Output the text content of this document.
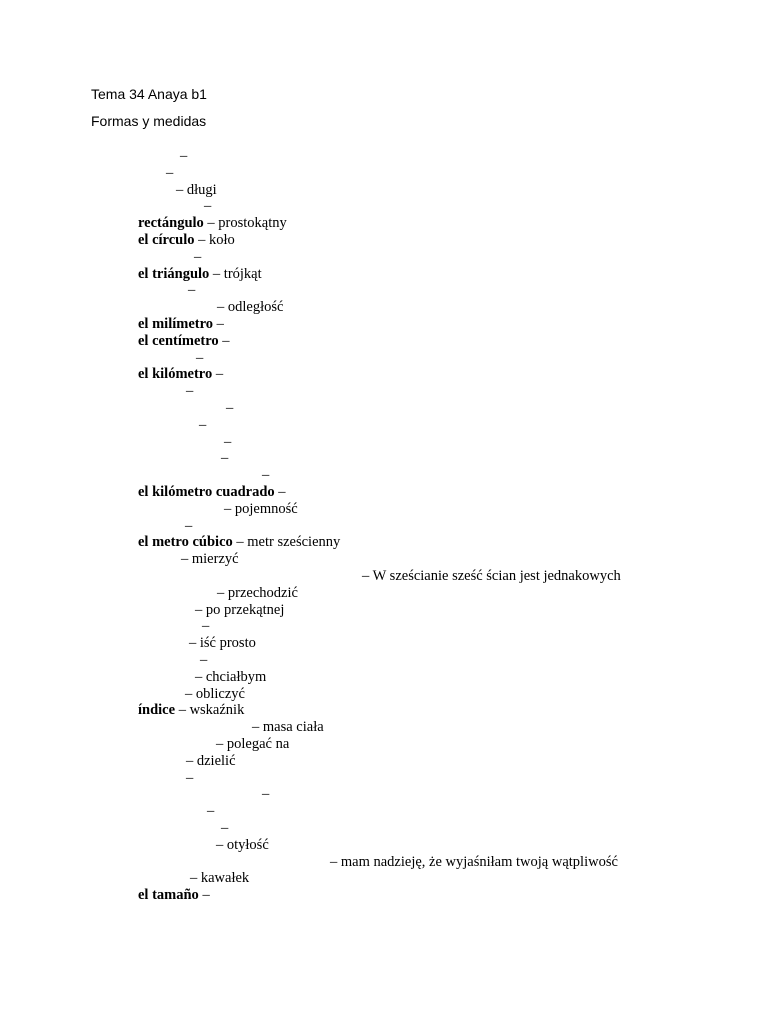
Tema 34 Anaya b1
Formas y medidas
–
–
– długi
–
rectángulo – prostokątny
el círculo – koło
–
el triángulo – trójkąt
–
– odległość
el milímetro –
el centímetro –
–
el kilómetro –
–
–
–
–
–
–
el kilómetro cuadrado –
– pojemność
–
el metro cúbico – metr sześcienny
– mierzyć
– W sześcianie sześć ścian jest jednakowych
– przechodzić
– po przekątnej
–
– iść prosto
–
– chciałbym
– obliczyć
índice – wskaźnik
– masa ciała
– polegać na
– dzielić
–
–
–
–
– otyłość
– mam nadzieję, że wyjaśniłam twoją wątpliwość
– kawałek
el tamaño –
